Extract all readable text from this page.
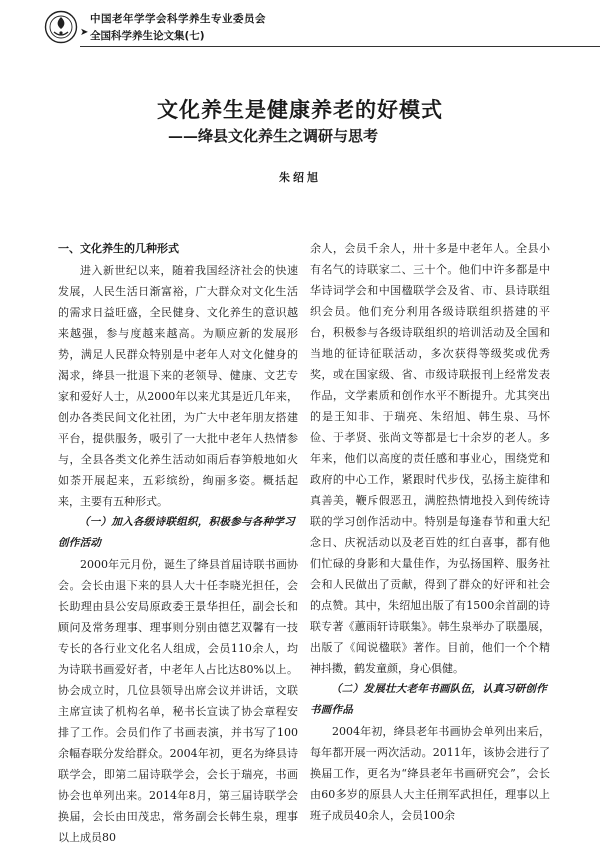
中国老年学学会科学养生专业委员会
➤ 全国科学养生论文集(七)
文化养生是健康养老的好模式
——绛县文化养生之调研与思考
朱绍旭
一、文化养生的几种形式

进入新世纪以来，随着我国经济社会的快速发展，人民生活日渐富裕，广大群众对文化生活的需求日益旺盛，全民健身、文化养生的意识越来越强，参与度越来越高。为顺应新的发展形势，满足人民群众特别是中老年人对文化健身的渴求，绛县一批退下来的老领导、健康、文艺专家和爱好人士，从2000年以来尤其是近几年来，创办各类民间文化社团，为广大中老年朋友搭建平台，提供服务，吸引了一大批中老年人热情参与，全县各类文化养生活动如雨后春笋般地如火如荼开展起来，五彩缤纷，绚丽多姿。概括起来，主要有五种形式。

（一）加入各级诗联组织，积极参与各种学习创作活动

2000年元月份，诞生了绛县首届诗联书画协会。会长由退下来的县人大十任李晓光担任，会长助理由县公安局原政委王景华担任，副会长和顾问及常务理事、理事则分别由德艺双馨有一技专长的各行业文化名人组成，会员110余人，均为诗联书画爱好者，中老年人占比达80%以上。协会成立时，几位县领导出席会议并讲话，文联主席宣读了机构名单，秘书长宣读了协会章程安排了工作。会员们作了书画表演，并书写了100余幅春联分发给群众。2004年初，更名为绛县诗联学会，即第二届诗联学会，会长于瑞亮，书画协会也单列出来。2014年8月，第三届诗联学会换届，会长由田茂忠，常务副会长韩生泉，理事以上成员80

余人，会员千余人，卅十多是中老年人。全县小有名气的诗联家二、三十个。他们中许多都是中华诗词学会和中国楹联学会及省、市、县诗联组织会员。他们充分利用各级诗联组织搭建的平台，积极参与各级诗联组织的培训活动及全国和当地的征诗征联活动，多次获得等级奖或优秀奖，或在国家级、省、市级诗联报刊上经常发表作品，文学素质和创作水平不断提升。尤其突出的是王知非、于瑞亮、朱绍旭、韩生泉、马怀俭、于孝贤、张尚文等都是七十余岁的老人。多年来，他们以高度的责任感和事业心，围绕党和政府的中心工作，紧跟时代步伐，弘扬主旋律和真善美，鞭斥假恶丑，满腔热情地投入到传统诗联的学习创作活动中。特别是每逢春节和重大纪念日、庆祝活动以及老百姓的红白喜事，都有他们忙碌的身影和大量佳作，为弘扬国粹、服务社会和人民做出了贡献，得到了群众的好评和社会的点赞。其中，朱绍旭出版了有1500余首副的诗联专著《蕙雨轩诗联集》。韩生泉举办了联墨展，出版了《闻说楹联》著作。目前，他们一个个精神抖擞，鹤发童颜，身心俱健。

（二）发展壮大老年书画队伍，认真习研创作书画作品

2004年初，绛县老年书画协会单列出来后，每年都开展一两次活动。2011年，该协会进行了换届工作，更名为“绛县老年书画研究会”，会长由60多岁的原县人大主任荆军武担任，理事以上班子成员40余人，会员100余
